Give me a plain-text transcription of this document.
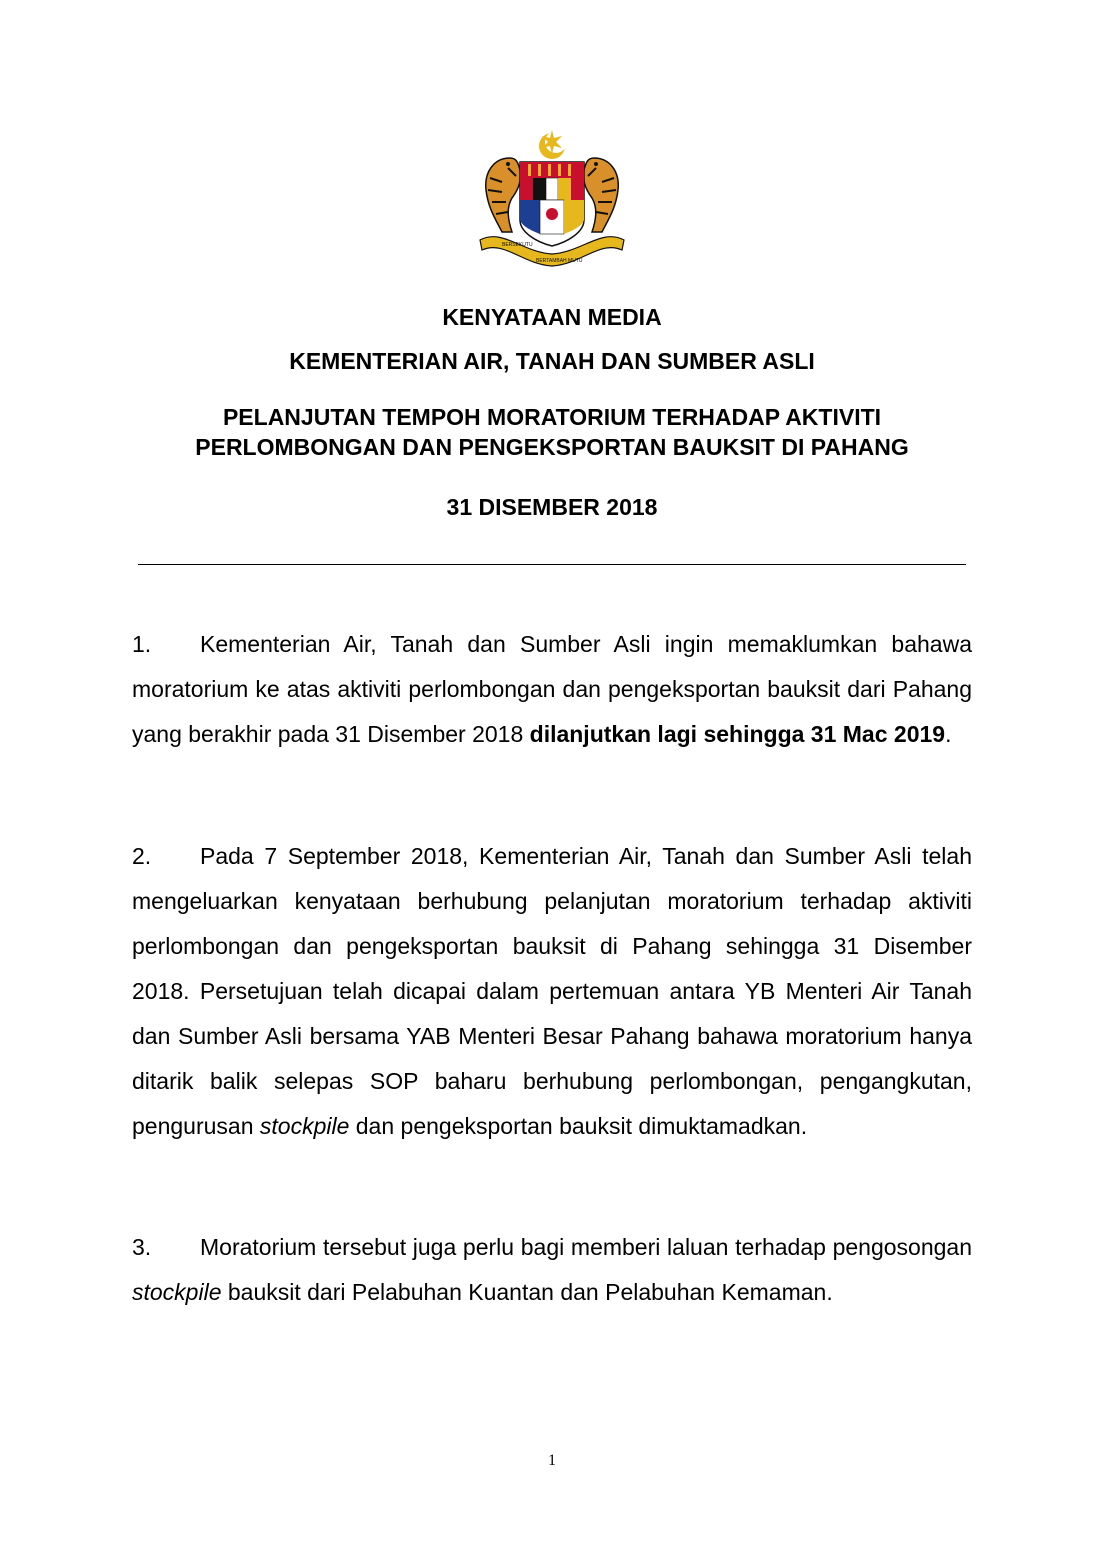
BERSEKUTU
BERTAMBAH MUTU

KENYATAAN MEDIA

KEMENTERIAN AIR, TANAH DAN SUMBER ASLI

PELANJUTAN TEMPOH MORATORIUM TERHADAP AKTIVITI
PERLOMBONGAN DAN PENGEKSPORTAN BAUKSIT DI PAHANG

31 DISEMBER 2018

1. Kementerian Air, Tanah dan Sumber Asli ingin memaklumkan bahawa moratorium ke atas aktiviti perlombongan dan pengeksportan bauksit dari Pahang yang berakhir pada 31 Disember 2018 dilanjutkan lagi sehingga 31 Mac 2019.

2. Pada 7 September 2018, Kementerian Air, Tanah dan Sumber Asli telah mengeluarkan kenyataan berhubung pelanjutan moratorium terhadap aktiviti perlombongan dan pengeksportan bauksit di Pahang sehingga 31 Disember 2018. Persetujuan telah dicapai dalam pertemuan antara YB Menteri Air Tanah dan Sumber Asli bersama YAB Menteri Besar Pahang bahawa moratorium hanya ditarik balik selepas SOP baharu berhubung perlombongan, pengangkutan, pengurusan stockpile dan pengeksportan bauksit dimuktamadkan.

3. Moratorium tersebut juga perlu bagi memberi laluan terhadap pengosongan stockpile bauksit dari Pelabuhan Kuantan dan Pelabuhan Kemaman.

1
